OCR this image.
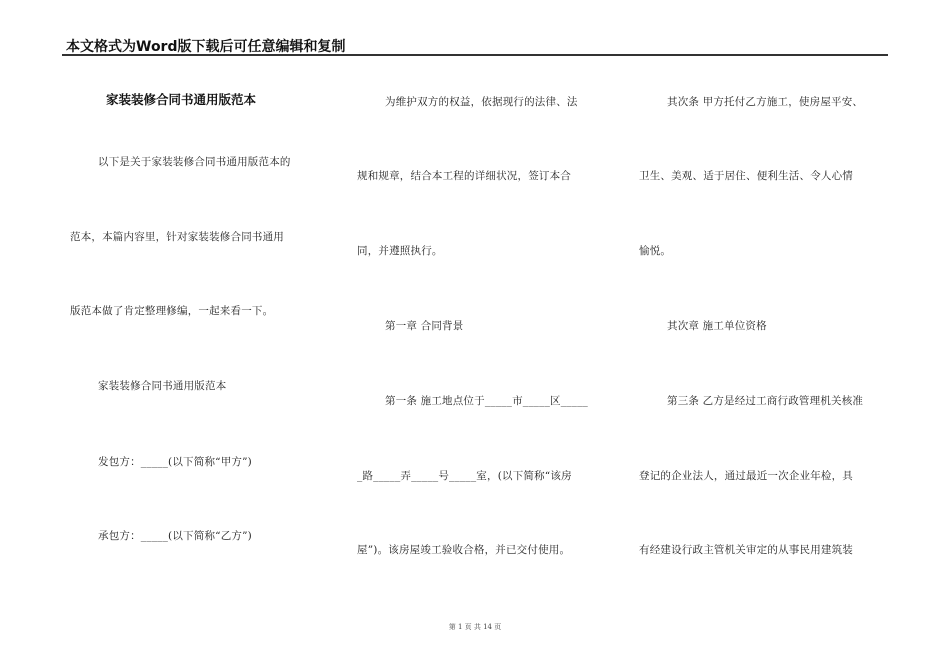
本文格式为Word版下载后可任意编辑和复制
家装装修合同书通用版范本
以下是关于家装装修合同书通用版范本的
范本，本篇内容里，针对家装装修合同书通用
版范本做了肯定整理修编，一起来看一下。
家装装修合同书通用版范本
发包方：_____(以下简称“甲方”)
承包方：_____(以下简称“乙方”)
为维护双方的权益，依据现行的法律、法
规和规章，结合本工程的详细状况，签订本合
同，并遵照执行。
第一章 合同背景
第一条 施工地点位于_____市_____区_____
_路_____弄_____号_____室，(以下简称“该房
屋”)。该房屋竣工验收合格，并已交付使用。
其次条 甲方托付乙方施工，使房屋平安、
卫生、美观、适于居住、便利生活、令人心情
愉悦。
其次章 施工单位资格
第三条 乙方是经过工商行政管理机关核准
登记的企业法人，通过最近一次企业年检，具
有经建设行政主管机关审定的从事民用建筑装
第 1 页 共 14 页
